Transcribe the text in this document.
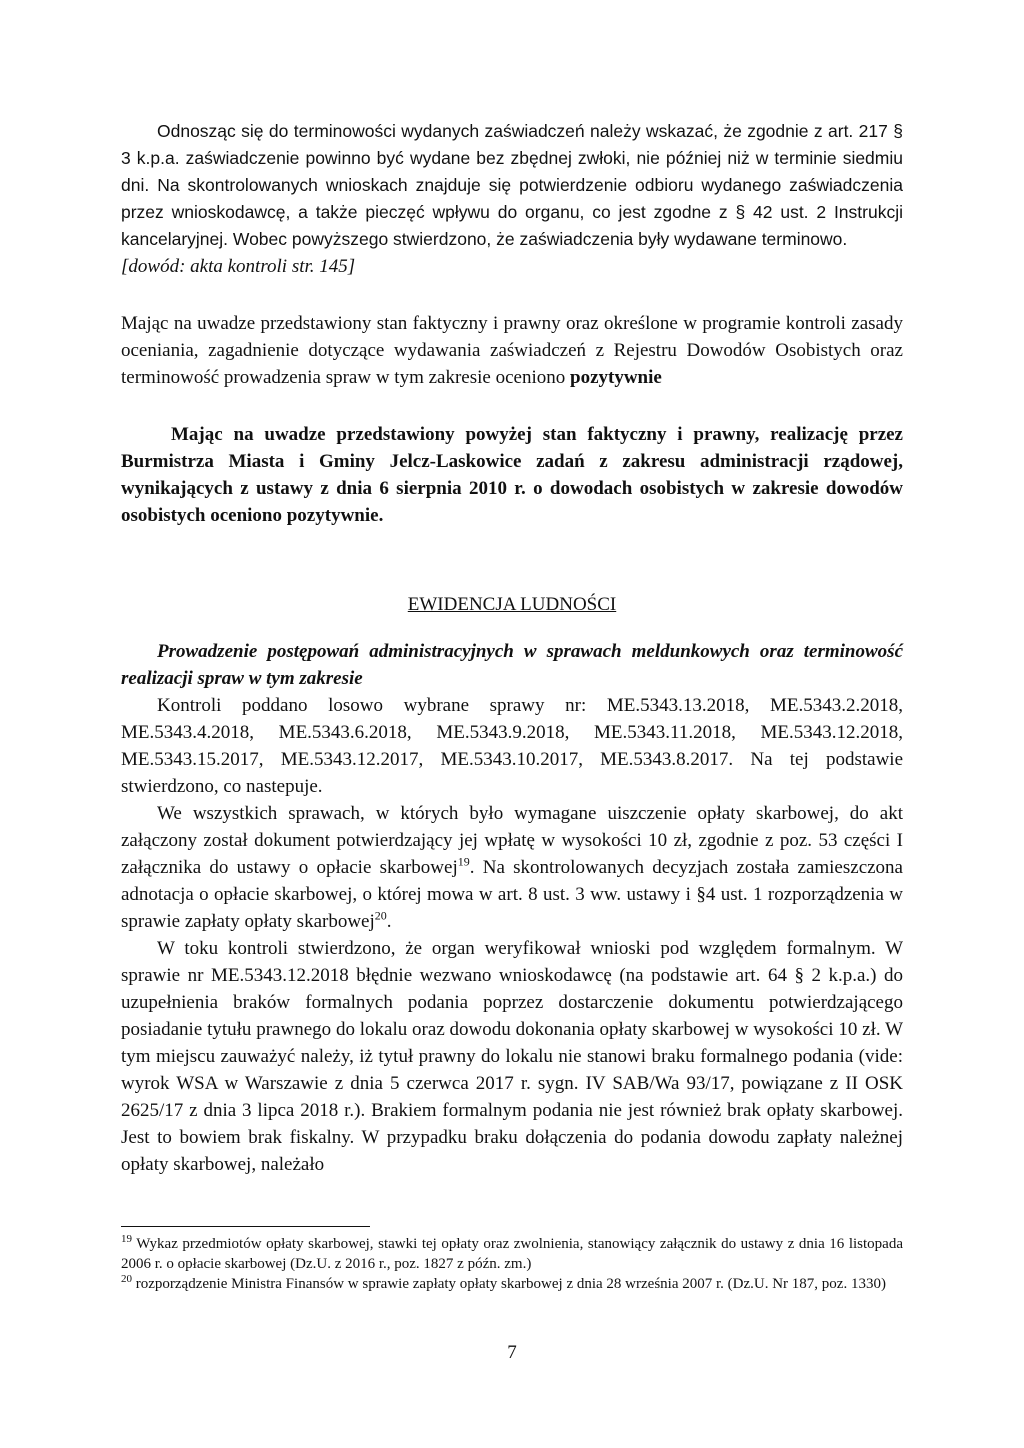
Odnosząc się do terminowości wydanych zaświadczeń należy wskazać, że zgodnie z art. 217 § 3 k.p.a. zaświadczenie powinno być wydane bez zbędnej zwłoki, nie później niż w terminie siedmiu dni. Na skontrolowanych wnioskach znajduje się potwierdzenie odbioru wydanego zaświadczenia przez wnioskodawcę, a także pieczęć wpływu do organu, co jest zgodne z § 42 ust. 2 Instrukcji kancelaryjnej. Wobec powyższego stwierdzono, że zaświadczenia były wydawane terminowo.

[dowód: akta kontroli str. 145]

Mając na uwadze przedstawiony stan faktyczny i prawny oraz określone w programie kontroli zasady oceniania, zagadnienie dotyczące wydawania zaświadczeń z Rejestru Dowodów Osobistych oraz terminowość prowadzenia spraw w tym zakresie oceniono pozytywnie

Mając na uwadze przedstawiony powyżej stan faktyczny i prawny, realizację przez Burmistrza Miasta i Gminy Jelcz-Laskowice zadań z zakresu administracji rządowej, wynikających z ustawy z dnia 6 sierpnia 2010 r. o dowodach osobistych w zakresie dowodów osobistych oceniono pozytywnie.

EWIDENCJA LUDNOŚCI

Prowadzenie postępowań administracyjnych w sprawach meldunkowych oraz terminowość realizacji spraw w tym zakresie

Kontroli poddano losowo wybrane sprawy nr: ME.5343.13.2018, ME.5343.2.2018, ME.5343.4.2018, ME.5343.6.2018, ME.5343.9.2018, ME.5343.11.2018, ME.5343.12.2018, ME.5343.15.2017, ME.5343.12.2017, ME.5343.10.2017, ME.5343.8.2017. Na tej podstawie stwierdzono, co nastepuje.

We wszystkich sprawach, w których było wymagane uiszczenie opłaty skarbowej, do akt załączony został dokument potwierdzający jej wpłatę w wysokości 10 zł, zgodnie z poz. 53 części I załącznika do ustawy o opłacie skarbowej$^{19}$. Na skontrolowanych decyzjach została zamieszczona adnotacja o opłacie skarbowej, o której mowa w art. 8 ust. 3 ww. ustawy i §4 ust. 1 rozporządzenia w sprawie zapłaty opłaty skarbowej$^{20}$.

W toku kontroli stwierdzono, że organ weryfikował wnioski pod względem formalnym. W sprawie nr ME.5343.12.2018 błędnie wezwano wnioskodawcę (na podstawie art. 64 § 2 k.p.a.) do uzupełnienia braków formalnych podania poprzez dostarczenie dokumentu potwierdzającego posiadanie tytułu prawnego do lokalu oraz dowodu dokonania opłaty skarbowej w wysokości 10 zł. W tym miejscu zauważyć należy, iż tytuł prawny do lokalu nie stanowi braku formalnego podania (vide: wyrok WSA w Warszawie z dnia 5 czerwca 2017 r. sygn. IV SAB/Wa 93/17, powiązane z II OSK 2625/17 z dnia 3 lipca 2018 r.). Brakiem formalnym podania nie jest również brak opłaty skarbowej. Jest to bowiem brak fiskalny. W przypadku braku dołączenia do podania dowodu zapłaty należnej opłaty skarbowej, należało

$^{19}$ Wykaz przedmiotów opłaty skarbowej, stawki tej opłaty oraz zwolnienia, stanowiący załącznik do ustawy z dnia 16 listopada 2006 r. o opłacie skarbowej (Dz.U. z 2016 r., poz. 1827 z późn. zm.)

$^{20}$ rozporządzenie Ministra Finansów w sprawie zapłaty opłaty skarbowej z dnia 28 września 2007 r. (Dz.U. Nr 187, poz. 1330)

7
